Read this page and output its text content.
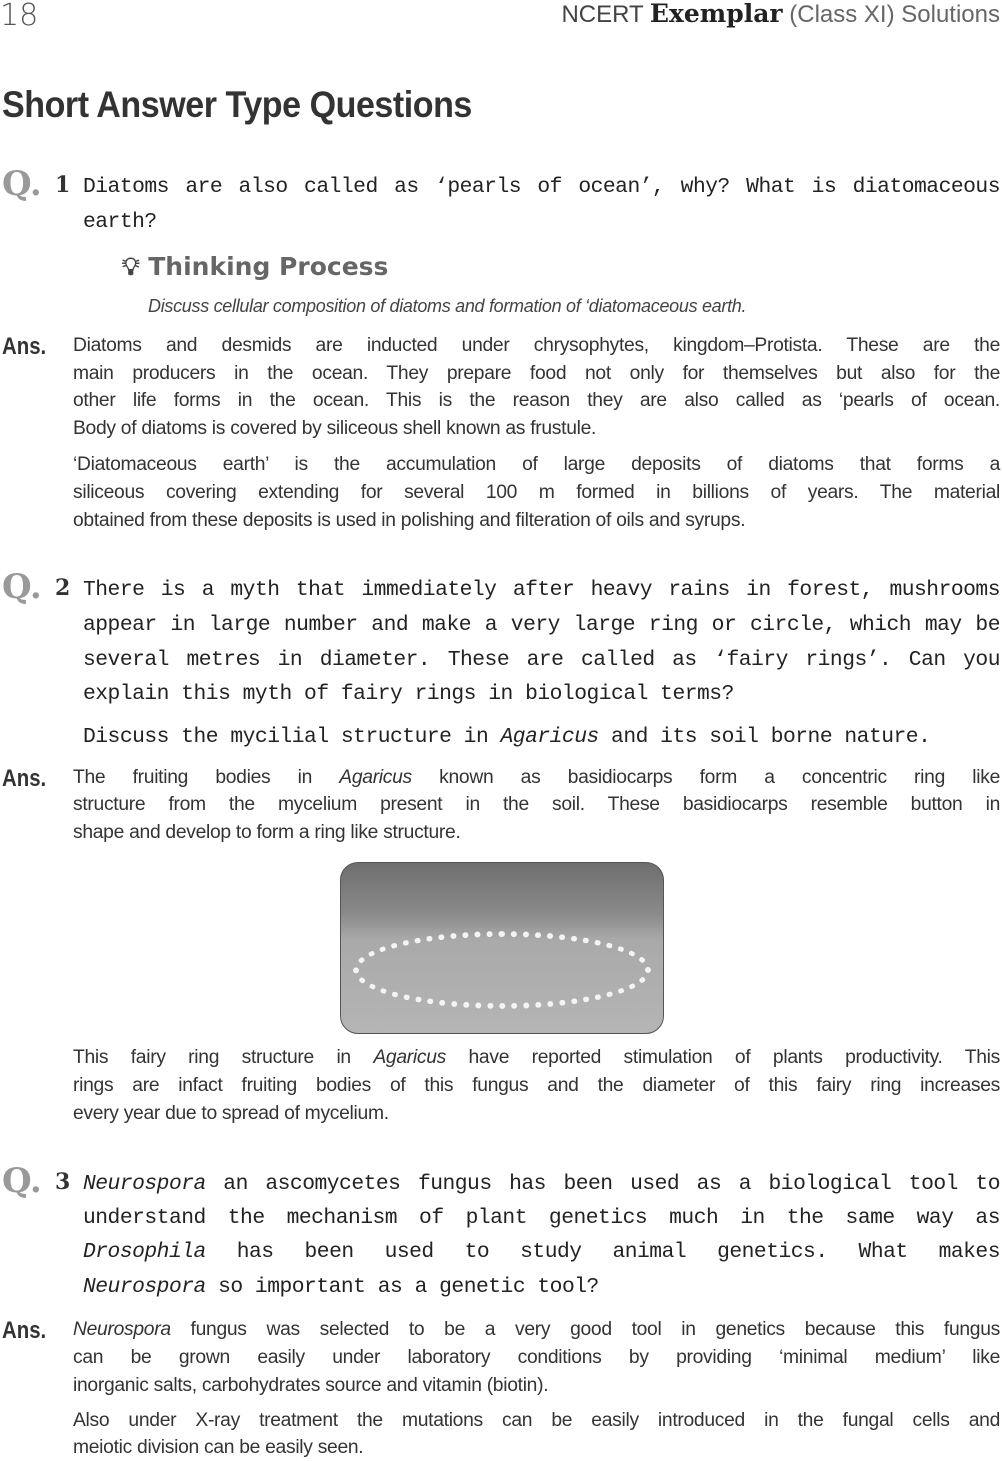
18	NCERT Exemplar (Class XI) Solutions
Short Answer Type Questions
Q. 1 Diatoms are also called as ‘pearls of ocean’, why? What is diatomaceous
earth?
💡︎ Thinking Process
Discuss cellular composition of diatoms and formation of ‘diatomaceous earth.
Ans. Diatoms and desmids are inducted under chrysophytes, kingdom–Protista. These are the
main producers in the ocean. They prepare food not only for themselves but also for the
other life forms in the ocean. This is the reason they are also called as ‘pearls of ocean.
Body of diatoms is covered by siliceous shell known as frustule.
‘Diatomaceous earth’ is the accumulation of large deposits of diatoms that forms a
siliceous covering extending for several 100 m formed in billions of years. The material
obtained from these deposits is used in polishing and filteration of oils and syrups.
Q. 2 There is a myth that immediately after heavy rains in forest, mushrooms
appear in large number and make a very large ring or circle, which may be
several metres in diameter. These are called as ‘fairy rings’. Can you
explain this myth of fairy rings in biological terms?
Discuss the mycilial structure in Agaricus and its soil borne nature.
Ans. The fruiting bodies in Agaricus known as basidiocarps form a concentric ring like
structure from the mycelium present in the soil. These basidiocarps resemble button in
shape and develop to form a ring like structure.
This fairy ring structure in Agaricus have reported stimulation of plants productivity. This
rings are infact fruiting bodies of this fungus and the diameter of this fairy ring increases
every year due to spread of mycelium.
Q. 3 Neurospora an ascomycetes fungus has been used as a biological tool to
understand the mechanism of plant genetics much in the same way as
Drosophila has been used to study animal genetics. What makes
Neurospora so important as a genetic tool?
Ans. Neurospora fungus was selected to be a very good tool in genetics because this fungus
can be grown easily under laboratory conditions by providing ‘minimal medium’ like
inorganic salts, carbohydrates source and vitamin (biotin).
Also under X-ray treatment the mutations can be easily introduced in the fungal cells and
meiotic division can be easily seen.
